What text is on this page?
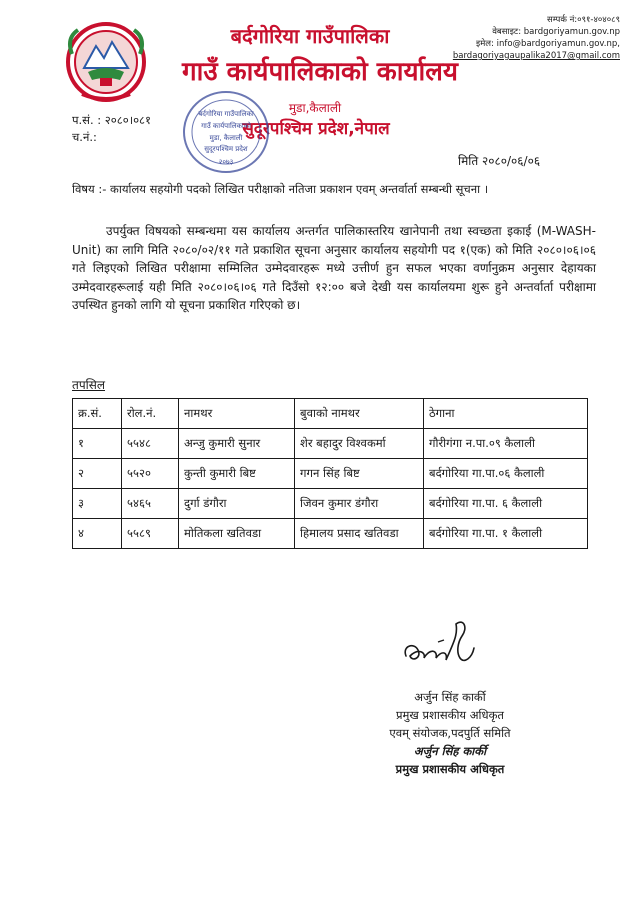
बर्दगोरिया गाउँपालिका
गाउँ कार्यपालिकाको कार्यालय
मुडा,कैलाली
सुदूरपश्चिम प्रदेश,नेपाल
सम्पर्क नं:०९१-४०४०८९
वेबसाइट: bardgoriyamun.gov.np
इमेल: info@bardgoriyamun.gov.np,
bardagoriyagaupalika2017@gmail.com
बर्दगोरिया गाउँपालिका
गाउँ कार्यपालिकाको
मुडा, कैलाली
सुदूरपश्चिम प्रदेश
२०७३
प.सं. : २०८०।०८१
च.नं.:
मिति २०८०/०६/०६
विषय :- कार्यालय सहयोगी पदको लिखित परीक्षाको नतिजा प्रकाशन एवम् अन्तर्वार्ता सम्बन्धी सूचना ।
उपर्युक्त विषयको सम्बन्धमा यस कार्यालय अन्तर्गत पालिकास्तरिय खानेपानी तथा स्वच्छता इकाई (M-WASH-Unit) का लागि मिति २०८०/०२/११ गते प्रकाशित सूचना अनुसार कार्यालय सहयोगी पद १(एक) को मिति २०८०।०६।०६ गते लिइएको लिखित परीक्षामा सम्मिलित उम्मेदवारहरू मध्ये उत्तीर्ण हुन सफल भएका वर्णानुक्रम अनुसार देहायका उम्मेदवारहरूलाई यही मिति २०८०।०६।०६ गते दिउँसो १२:०० बजे देखी यस कार्यालयमा शुरू हुने अन्तर्वार्ता परीक्षामा उपस्थित हुनको लागि यो सूचना प्रकाशित गरिएको छ।
तपसिल
क्र.सं.	रोल.नं.	नामथर	बुवाको नामथर	ठेगाना
१	५५४८	अन्जु कुमारी सुनार	शेर बहादुर विश्वकर्मा	गौरीगंगा न.पा.०९ कैलाली
२	५५२०	कुन्ती कुमारी बिष्ट	गगन सिंह बिष्ट	बर्दगोरिया गा.पा.०६ कैलाली
३	५४६५	दुर्गा डंगौरा	जिवन कुमार डंगौरा	बर्दगोरिया गा.पा. ६ कैलाली
४	५५८९	मोतिकला खतिवडा	हिमालय प्रसाद खतिवडा	बर्दगोरिया गा.पा. १ कैलाली
अर्जुन सिंह कार्की
प्रमुख प्रशासकीय अधिकृत
एवम् संयोजक,पदपुर्ति समिति
अर्जुन सिंह कार्की
प्रमुख प्रशासकीय अधिकृत
